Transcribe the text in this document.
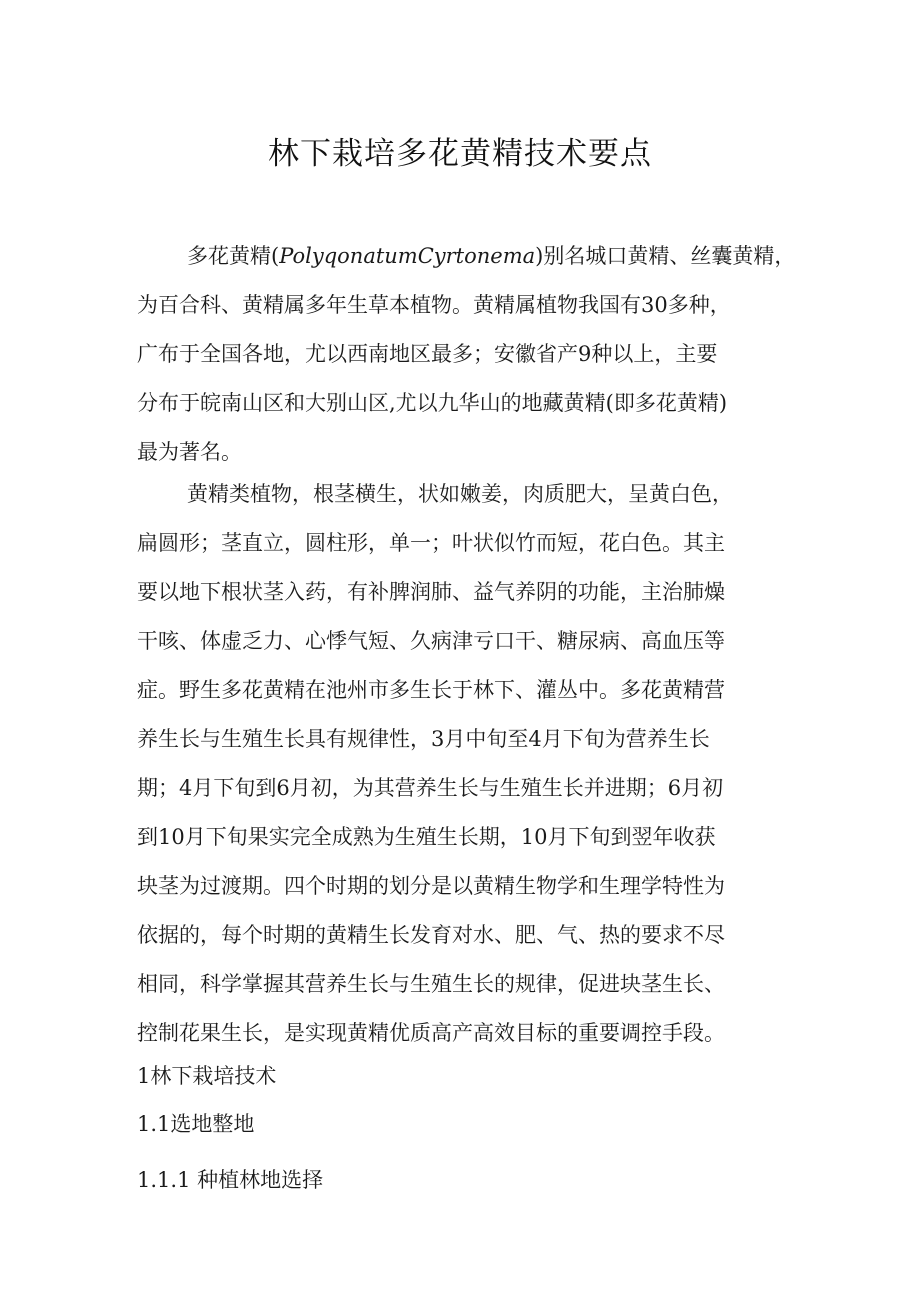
林下栽培多花黄精技术要点
多花黄精(PolyqonatumCyrtonema)别名城口黄精、丝囊黄精，
为百合科、黄精属多年生草本植物。黄精属植物我国有30多种，
广布于全国各地，尤以西南地区最多；安徽省产9种以上，主要
分布于皖南山区和大别山区,尤以九华山的地藏黄精(即多花黄精)
最为著名。
黄精类植物，根茎横生，状如嫩姜，肉质肥大，呈黄白色，
扁圆形；茎直立，圆柱形，单一；叶状似竹而短，花白色。其主
要以地下根状茎入药，有补脾润肺、益气养阴的功能，主治肺燥
干咳、体虚乏力、心悸气短、久病津亏口干、糖尿病、高血压等
症。野生多花黄精在池州市多生长于林下、灌丛中。多花黄精营
养生长与生殖生长具有规律性，3月中旬至4月下旬为营养生长
期；4月下旬到6月初，为其营养生长与生殖生长并进期；6月初
到10月下旬果实完全成熟为生殖生长期，10月下旬到翌年收获
块茎为过渡期。四个时期的划分是以黄精生物学和生理学特性为
依据的，每个时期的黄精生长发育对水、肥、气、热的要求不尽
相同，科学掌握其营养生长与生殖生长的规律，促进块茎生长、
控制花果生长，是实现黄精优质高产高效目标的重要调控手段。
1林下栽培技术
1.1选地整地
1.1.1 种植林地选择
